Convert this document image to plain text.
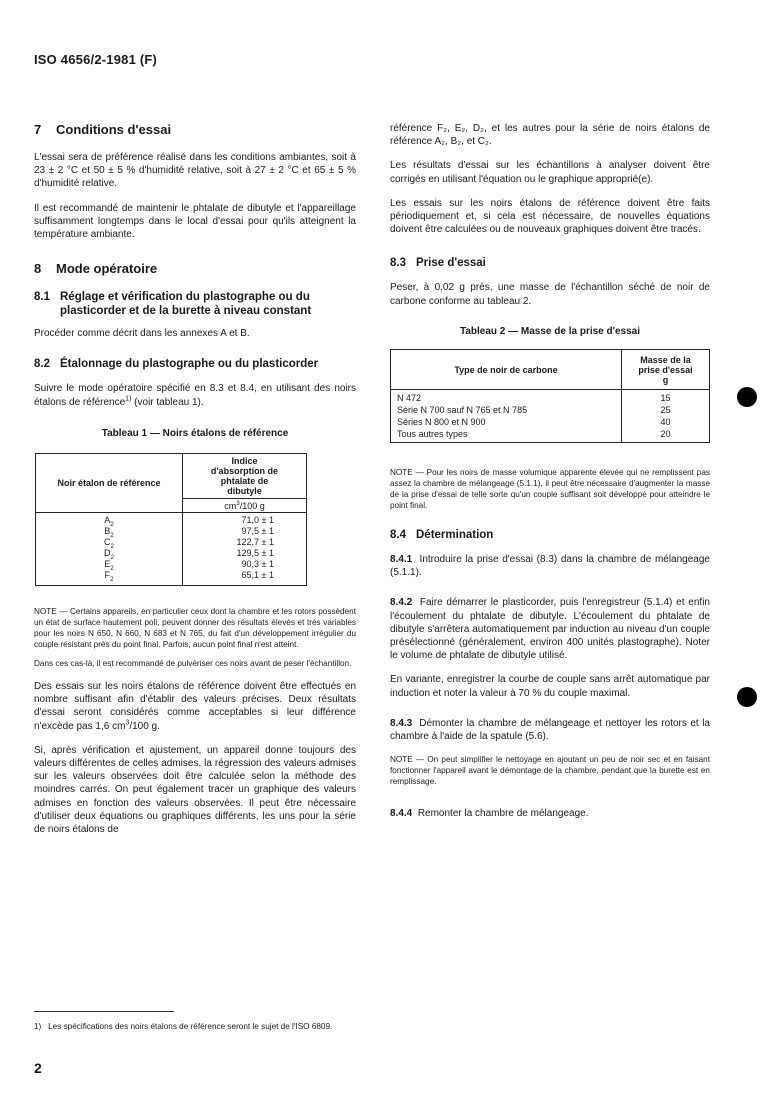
ISO 4656/2-1981 (F)
7 Conditions d'essai

L'essai sera de préférence réalisé dans les conditions ambiantes, soit à 23 ± 2 °C et 50 ± 5 % d'humidité relative, soit à 27 ± 2 °C et 65 ± 5 % d'humidité relative.

Il est recommandé de maintenir le phtalate de dibutyle et l'appareillage suffisamment longtemps dans le local d'essai pour qu'ils atteignent la température ambiante.

8 Mode opératoire
8.1 Réglage et vérification du plastographe ou du plasticorder et de la burette à niveau constant

Procéder comme décrit dans les annexes A et B.

8.2 Étalonnage du plastographe ou du plasticorder

Suivre le mode opératoire spécifié en 8.3 et 8.4, en utilisant des noirs étalons de référence$^{1)}$ (voir tableau 1).

Tableau 1 — Noirs étalons de référence
Noir étalon de référence	Indice d'absorption de phtalate de dibutyle
	$cm^3/100$ g
$A_2$	71,0 ± 1
$B_2$	97,5 ± 1
$C_2$	122,7 ± 1
$D_2$	129,5 ± 1
$E_2$	90,3 ± 1
$F_2$	65,1 ± 1

NOTE — Certains appareils, en particulier ceux dont la chambre et les rotors possèdent un état de surface hautement poli, peuvent donner des résultats élevés et très variables pour les noirs N 650, N 660, N 683 et N 765, du fait d'un développement irrégulier du couple résistant près du point final. Parfois, aucun point final n'est atteint.

Dans ces cas-là, il est recommandé de pulvériser ces noirs avant de peser l'échantillon.

Des essais sur les noirs étalons de référence doivent être effectués en nombre suffisant afin d'établir des valeurs précises. Deux résultats d'essai seront considérés comme acceptables si leur différence n'excède pas 1,6 $cm^3/100$ g.

Si, après vérification et ajustement, un appareil donne toujours des valeurs différentes de celles admises, la régression des valeurs admises sur les valeurs observées doit être calculée selon la méthode des moindres carrés. On peut également tracer un graphique des valeurs admises en fonction des valeurs observées. Il peut être nécessaire d'utiliser deux équations ou graphiques différents, les uns pour la série de noirs étalons de

référence F₂, E₂, D₂, et les autres pour la série de noirs étalons de référence A₂, B₂, et C₂.

Les résultats d'essai sur les échantillons à analyser doivent être corrigés en utilisant l'équation ou le graphique approprié(e).

Les essais sur les noirs étalons de référence doivent être faits périodiquement et, si cela est nécessaire, de nouvelles équations doivent être calculées ou de nouveaux graphiques doivent être tracés.

8.3 Prise d'essai

Peser, à 0,02 g près, une masse de l'échantillon séché de noir de carbone conforme au tableau 2.

Tableau 2 — Masse de la prise d'essai
Type de noir de carbone	Masse de la
prise d'essai
g

N 472	15
Série N 700 sauf N 765 et N 785	25
Séries N 800 et N 900	40
Tous autres types	20

NOTE — Pour les noirs de masse volumique apparente élevée qui ne remplissent pas assez la chambre de mélangeage (5.1.1), il peut être nécessaire d'augmenter la masse de la prise d'essai de telle sorte qu'un couple suffisant soit développé pour atteindre le point final.

8.4 Détermination

8.4.1 Introduire la prise d'essai (8.3) dans la chambre de mélangeage (5.1.1).

8.4.2 Faire démarrer le plasticorder, puis l'enregistreur (5.1.4) et enfin l'écoulement du phtalate de dibutyle. L'écoulement du phtalate de dibutyle s'arrêtera automatiquement par induction au niveau d'un couple présélectionné (généralement, environ 400 unités plastographe). Noter le volume de phtalate de dibutyle utilisé.

En variante, enregistrer la courbe de couple sans arrêt automatique par induction et noter la valeur à 70 % du couple maximal.

8.4.3 Démonter la chambre de mélangeage et nettoyer les rotors et la chambre à l'aide de la spatule (5.6).

NOTE — On peut simplifier le nettoyage en ajoutant un peu de noir sec et en faisant fonctionner l'appareil avant le démontage de la chambre, pendant que la burette est en remplissage.

8.4.4 Remonter la chambre de mélangeage.

1) Les spécifications des noirs étalons de référence seront le sujet de l'ISO 6809.
2
